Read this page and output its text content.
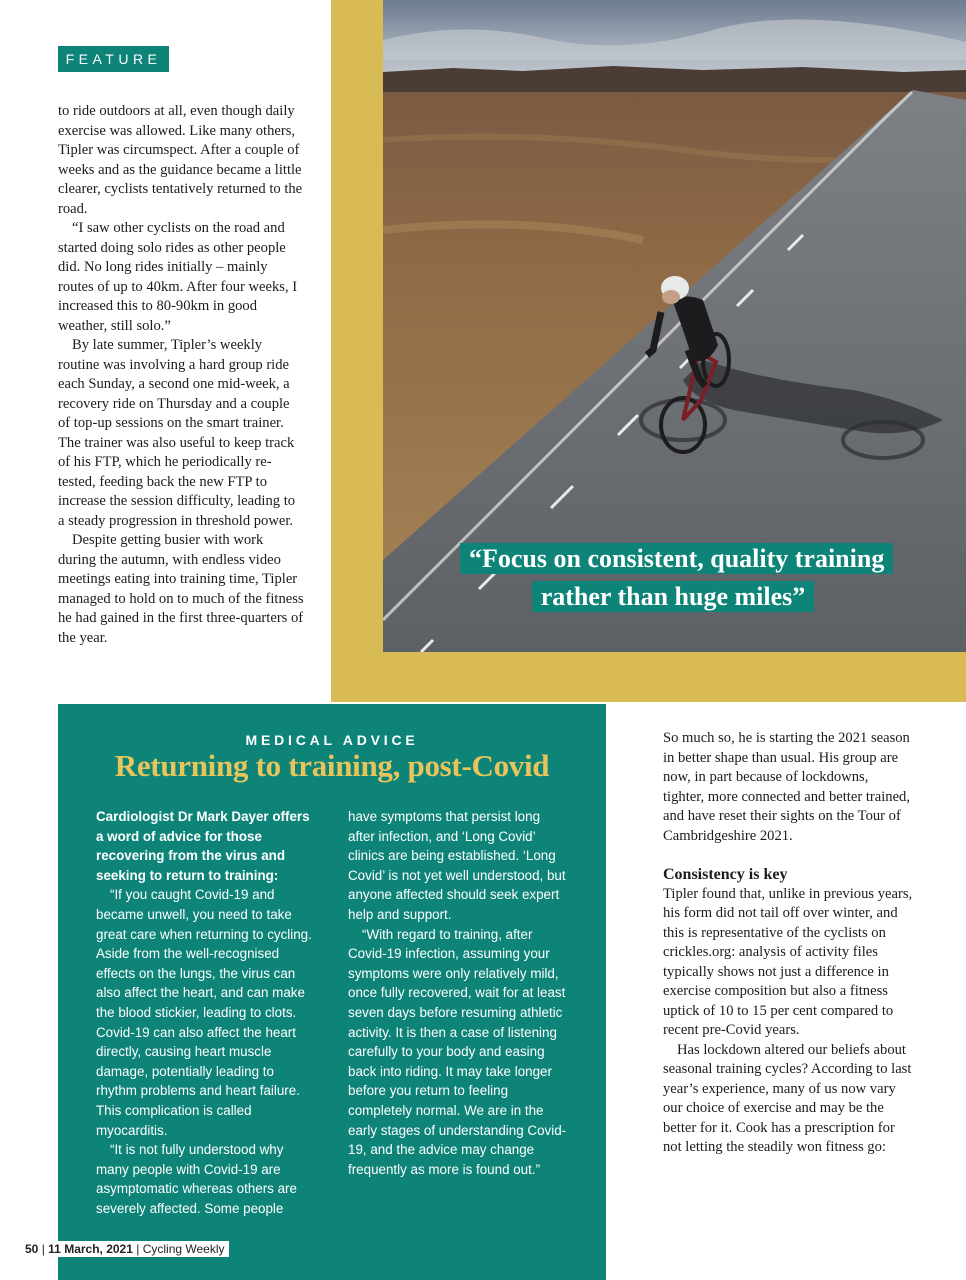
FEATURE

to ride outdoors at all, even though daily exercise was allowed. Like many others, Tipler was circumspect. After a couple of weeks and as the guidance became a little clearer, cyclists tentatively returned to the road.

“I saw other cyclists on the road and started doing solo rides as other people did. No long rides initially – mainly routes of up to 40km. After four weeks, I increased this to 80-90km in good weather, still solo.”

By late summer, Tipler’s weekly routine was involving a hard group ride each Sunday, a second one mid-week, a recovery ride on Thursday and a couple of top-up sessions on the smart trainer. The trainer was also useful to keep track of his FTP, which he periodically re-tested, feeding back the new FTP to increase the session difficulty, leading to a steady progression in threshold power.

Despite getting busier with work during the autumn, with endless video meetings eating into training time, Tipler managed to hold on to much of the fitness he had gained in the first three-quarters of the year.

“Focus on consistent, quality training rather than huge miles”
MEDICAL ADVICE
Returning to training, post-Covid

Cardiologist Dr Mark Dayer offers a word of advice for those recovering from the virus and seeking to return to training:

“If you caught Covid-19 and became unwell, you need to take great care when returning to cycling. Aside from the well-recognised effects on the lungs, the virus can also affect the heart, and can make the blood stickier, leading to clots. Covid-19 can also affect the heart directly, causing heart muscle damage, potentially leading to rhythm problems and heart failure. This complication is called myocarditis.

“It is not fully understood why many people with Covid-19 are asymptomatic whereas others are severely affected. Some people

have symptoms that persist long after infection, and ‘Long Covid’ clinics are being established. ‘Long Covid’ is not yet well understood, but anyone affected should seek expert help and support.

“With regard to training, after Covid-19 infection, assuming your symptoms were only relatively mild, once fully recovered, wait for at least seven days before resuming athletic activity. It is then a case of listening carefully to your body and easing back into riding. It may take longer before you return to feeling completely normal. We are in the early stages of understanding Covid-19, and the advice may change frequently as more is found out.”

So much so, he is starting the 2021 season in better shape than usual. His group are now, in part because of lockdowns, tighter, more connected and better trained, and have reset their sights on the Tour of Cambridgeshire 2021.

Consistency is key

Tipler found that, unlike in previous years, his form did not tail off over winter, and this is representative of the cyclists on crickles.org: analysis of activity files typically shows not just a difference in exercise composition but also a fitness uptick of 10 to 15 per cent compared to recent pre-Covid years.

Has lockdown altered our beliefs about seasonal training cycles? According to last year’s experience, many of us now vary our choice of exercise and may be the better for it. Cook has a prescription for not letting the steadily won fitness go:

50 | 11 March, 2021 | Cycling Weekly
